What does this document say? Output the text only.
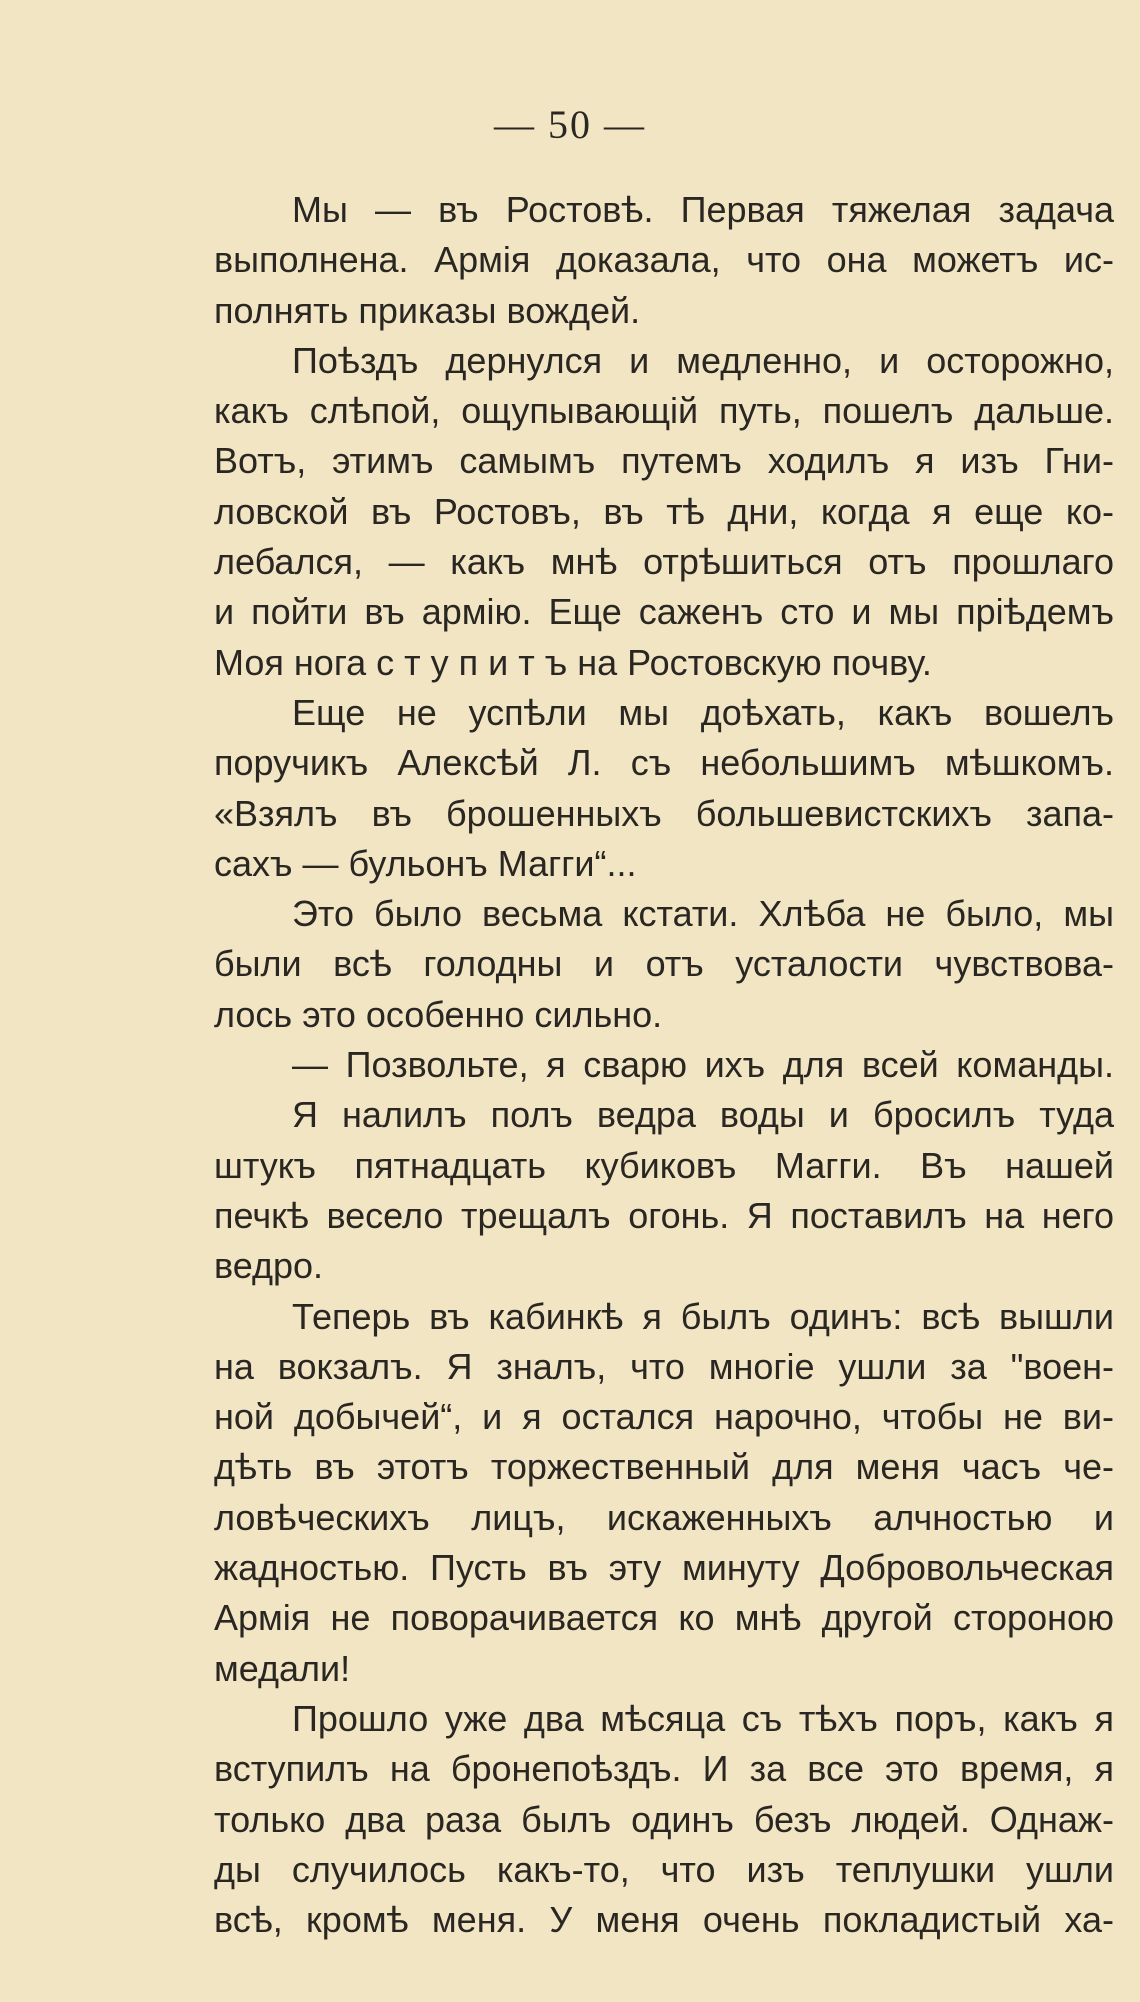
— 50 —

Мы — въ Ростовѣ. Первая тяжелая задача
выполнена. Армія доказала, что она можетъ ис-
полнять приказы вождей.

Поѣздъ дернулся и медленно, и осторожно,
какъ слѣпой, ощупывающій путь, пошелъ дальше.
Вотъ, этимъ самымъ путемъ ходилъ я изъ Гни-
ловской въ Ростовъ, въ тѣ дни, когда я еще ко-
лебался, — какъ мнѣ отрѣшиться отъ прошлаго
и пойти въ армію. Еще саженъ сто и мы пріѣдемъ
Моя нога с т у п и т ъ на Ростовскую почву.

Еще не успѣли мы доѣхать, какъ вошелъ
поручикъ Алексѣй Л. съ небольшимъ мѣшкомъ.
«Взялъ въ брошенныхъ большевистскихъ запа-
сахъ — бульонъ Магги“...

Это было весьма кстати. Хлѣба не было, мы
были всѣ голодны и отъ усталости чувствова-
лось это особенно сильно.

— Позвольте, я сварю ихъ для всей команды.

Я налилъ полъ ведра воды и бросилъ туда
штукъ пятнадцать кубиковъ Магги. Въ нашей
печкѣ весело трещалъ огонь. Я поставилъ на него
ведро.

Теперь въ кабинкѣ я былъ одинъ: всѣ вышли
на вокзалъ. Я зналъ, что многіе ушли за "воен-
ной добычей“, и я остался нарочно, чтобы не ви-
дѣть въ этотъ торжественный для меня часъ че-
ловѣческихъ лицъ, искаженныхъ алчностью и
жадностью. Пусть въ эту минуту Добровольческая
Армія не поворачивается ко мнѣ другой стороною
медали!

Прошло уже два мѣсяца съ тѣхъ поръ, какъ я
вступилъ на бронепоѣздъ. И за все это время, я
только два раза былъ одинъ безъ людей. Однаж-
ды случилось какъ-то, что изъ теплушки ушли
всѣ, кромѣ меня. У меня очень покладистый ха-
